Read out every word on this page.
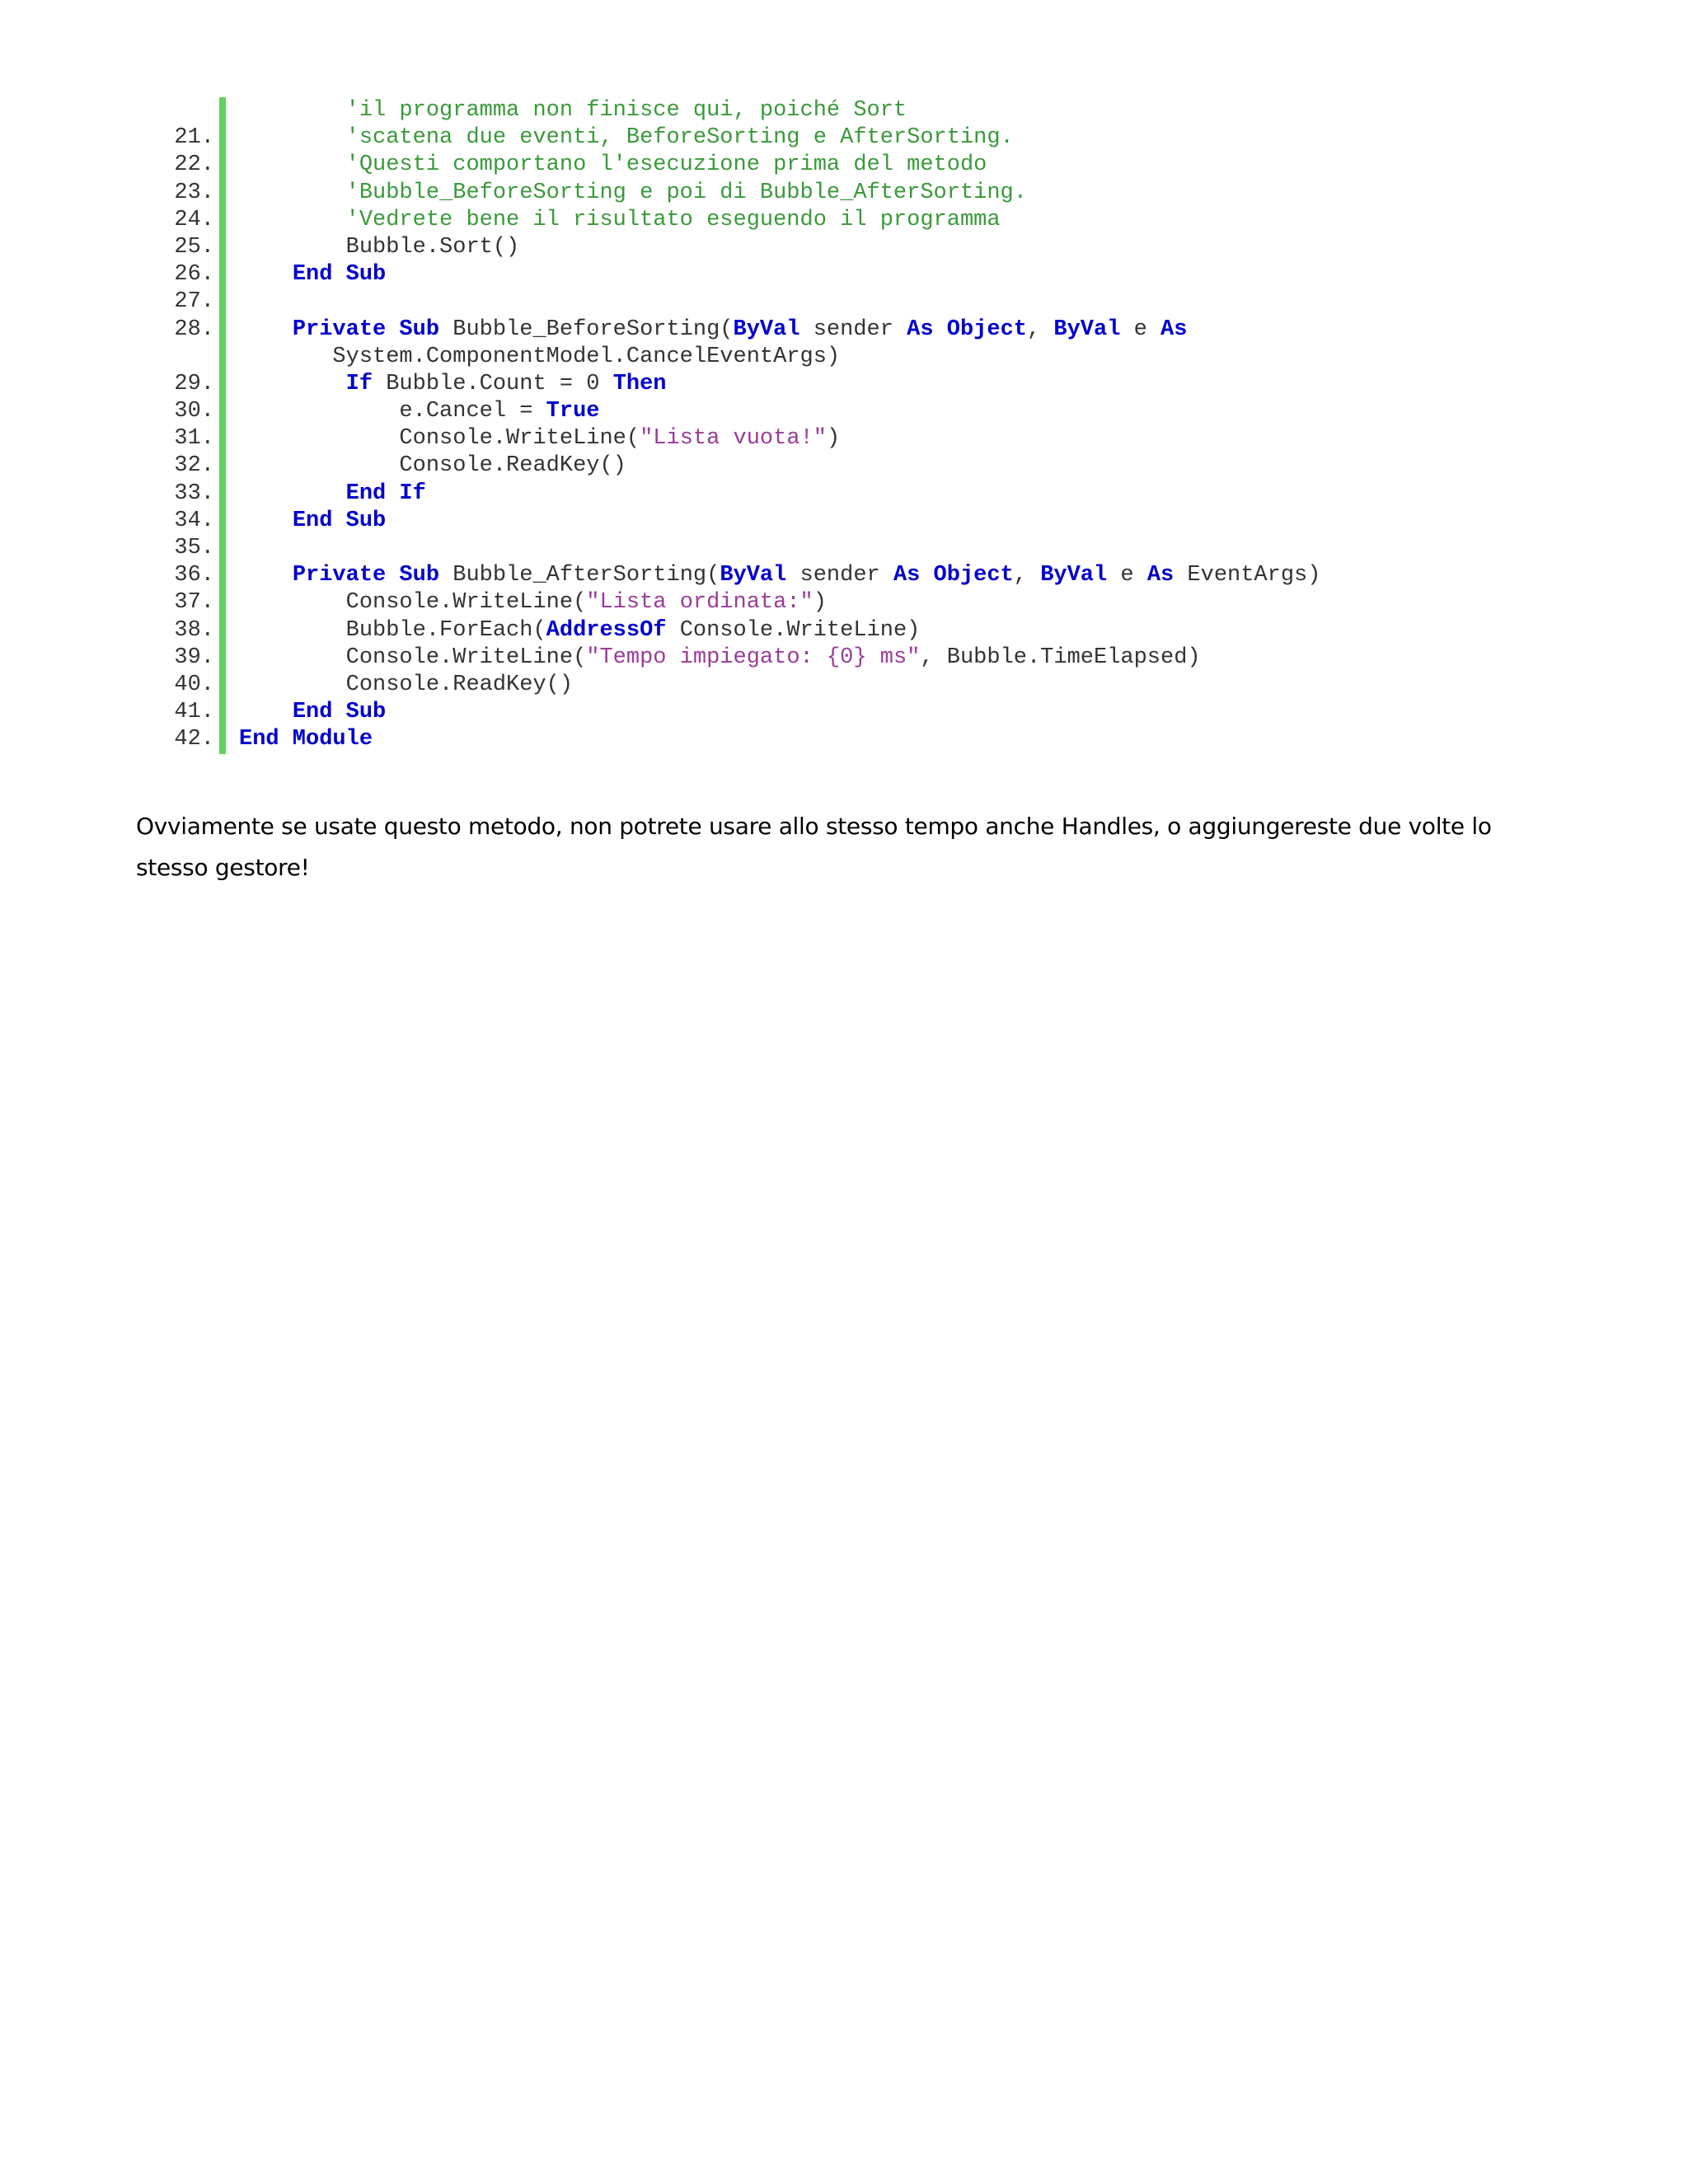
'il programma non finisce qui, poiché Sort
21. 'scatena due eventi, BeforeSorting e AfterSorting.
22. 'Questi comportano l'esecuzione prima del metodo
23. 'Bubble_BeforeSorting e poi di Bubble_AfterSorting.
24. 'Vedrete bene il risultato eseguendo il programma
25. Bubble.Sort()
26.	End Sub
27.
28.	Private Sub Bubble_BeforeSorting(ByVal sender As Object, ByVal e As
System.ComponentModel.CancelEventArgs)
29.	If Bubble.Count = 0 Then
30. e.Cancel = True
31. Console.WriteLine("Lista vuota!")
32. Console.ReadKey()
33.	End If
34.	End Sub
35.
36.	Private Sub Bubble_AfterSorting(ByVal sender As Object, ByVal e As EventArgs)
37. Console.WriteLine("Lista ordinata:")
38. Bubble.ForEach(AddressOf Console.WriteLine)
39. Console.WriteLine("Tempo impiegato: {0} ms", Bubble.TimeElapsed)
40. Console.ReadKey()
41.	End Sub
42. End Module

Ovviamente se usate questo metodo, non potrete usare allo stesso tempo anche Handles, o aggiungereste due volte lo stesso gestore!
